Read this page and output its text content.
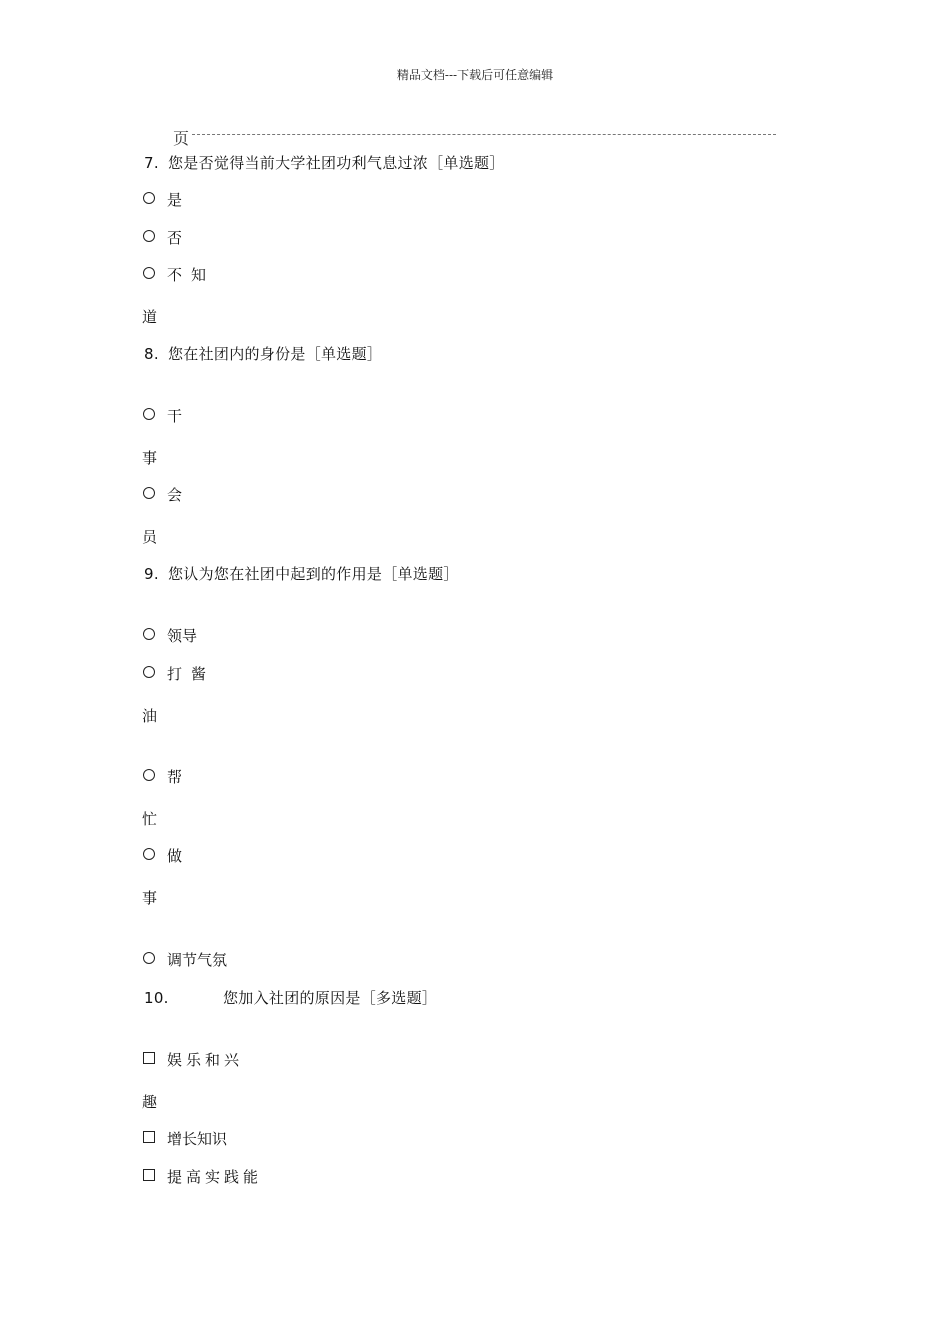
精品文档---下载后可任意编辑
页
7. 您是否觉得当前大学社团功利气息过浓［单选题］
是
否
不知
道
8. 您在社团内的身份是［单选题］
干
事
会
员
9. 您认为您在社团中起到的作用是［单选题］
领导
打酱
油
帮
忙
做
事
调节气氛
10.	您加入社团的原因是［多选题］
娱乐和兴
趣
增长知识
提高实践能
